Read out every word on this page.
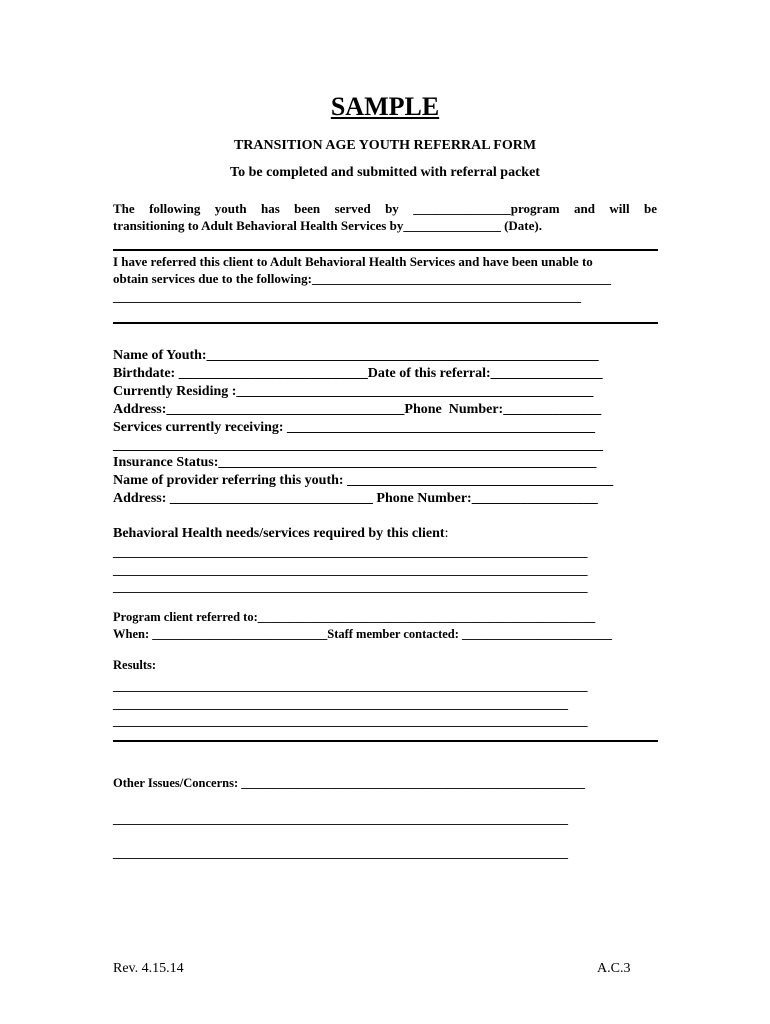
SAMPLE
TRANSITION AGE YOUTH REFERRAL FORM
To be completed and submitted with referral packet
The following youth has been served by _______________program and will be
transitioning to Adult Behavioral Health Services by_______________ (Date).
I have referred this client to Adult Behavioral Health Services and have been unable to
obtain services due to the following:______________________________________________
________________________________________________________________________
Name of Youth:________________________________________________________
Birthdate: ___________________________Date of this referral:________________
Currently Residing :___________________________________________________
Address:__________________________________Phone  Number:______________
Services currently receiving: ____________________________________________
______________________________________________________________________
Insurance Status:______________________________________________________
Name of provider referring this youth: ______________________________________
Address: _____________________________ Phone Number:__________________
Behavioral Health needs/services required by this client:
_________________________________________________________________________
_________________________________________________________________________
_________________________________________________________________________
Program client referred to:______________________________________________________
When: ____________________________Staff member contacted: ________________________
Results:
_________________________________________________________________________
______________________________________________________________________
_________________________________________________________________________
Other Issues/Concerns: _______________________________________________________
______________________________________________________________________
______________________________________________________________________
Rev. 4.15.14	A.C.3
